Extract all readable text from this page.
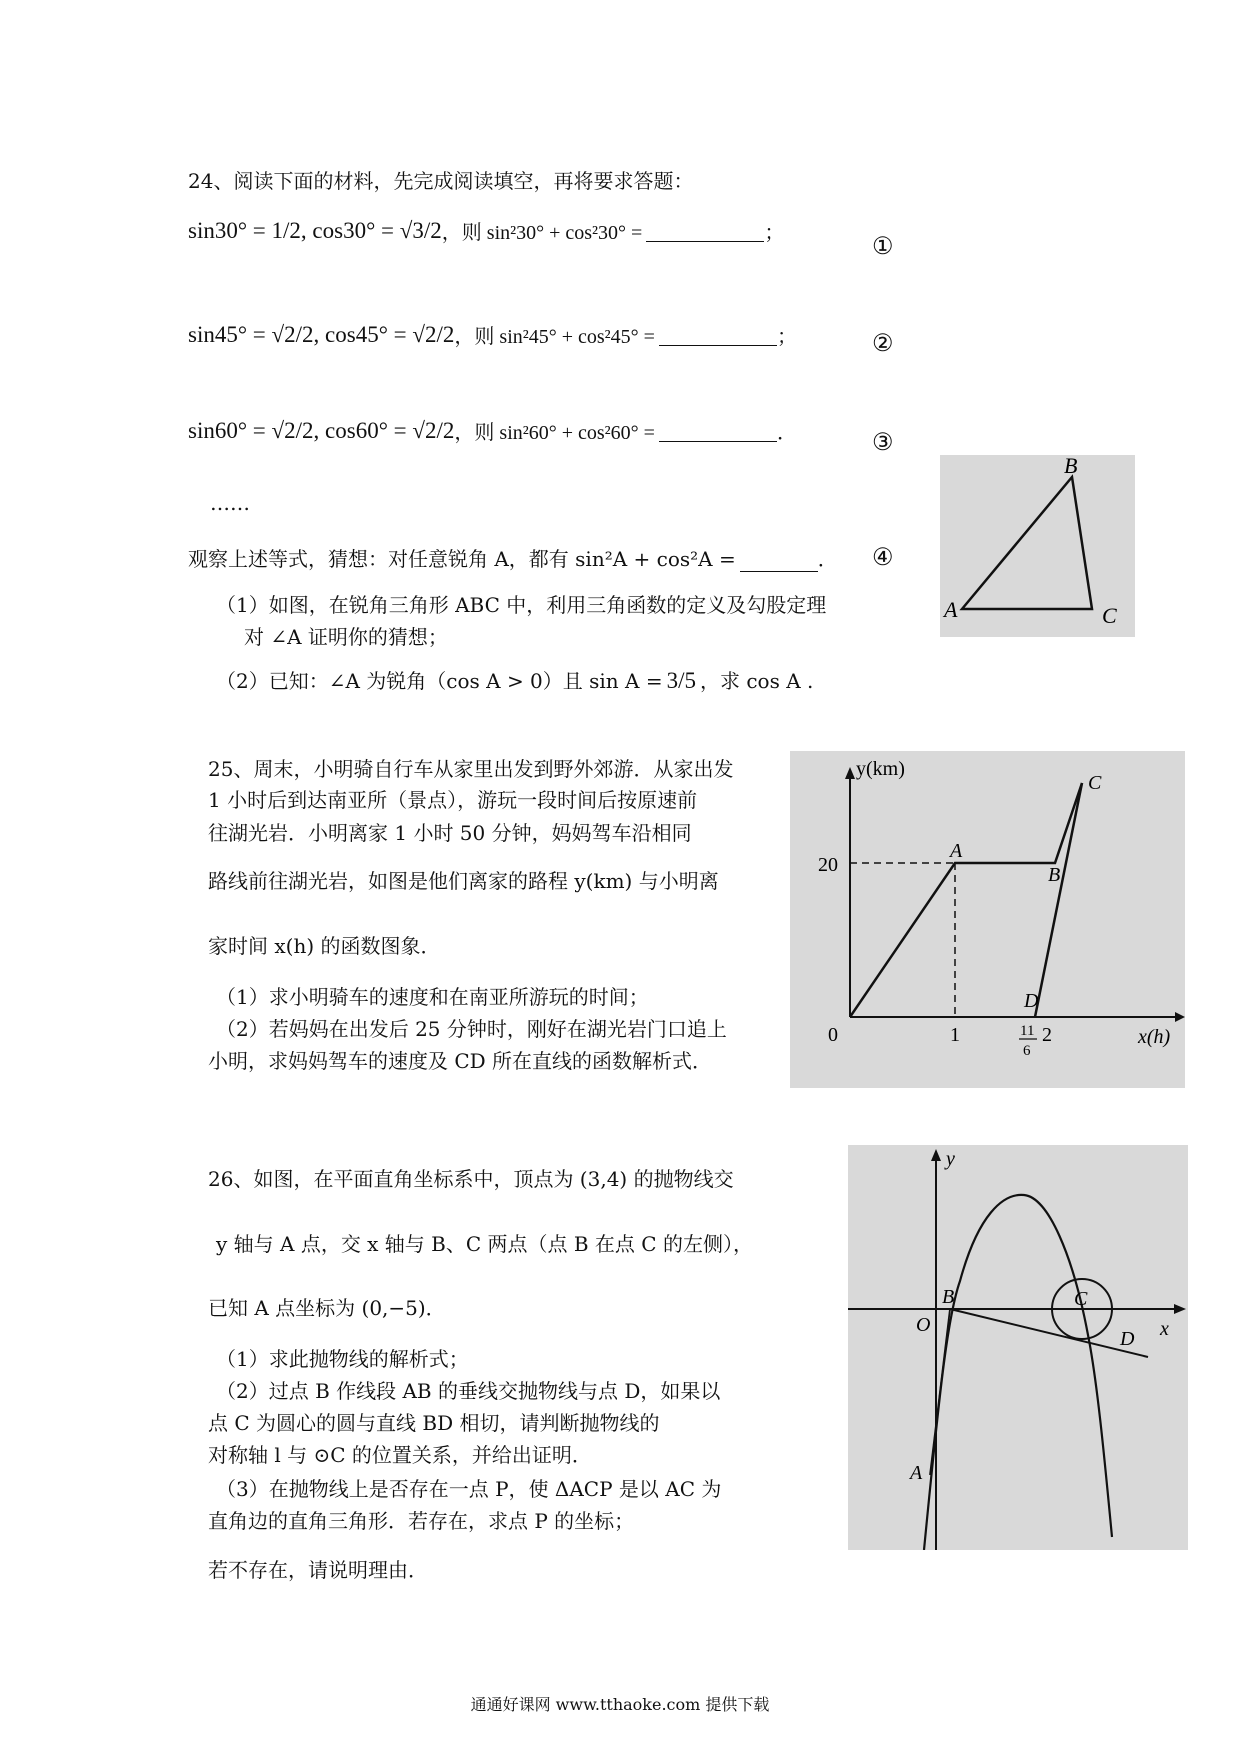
24、阅读下面的材料，先完成阅读填空，再将要求答题：
sin30° = 1/2 , cos30° = √3/2 ，则 sin²30° + cos²30° =	；	①
sin45° = √2/2 , cos45° = √2/2 ，则 sin²45° + cos²45° =	；	②
sin60° = √2/2 , cos60° = √2/2 ，则 sin²60° + cos²60° =	．	③
……
观察上述等式，猜想：对任意锐角 A，都有 sin²A + cos²A =	． ④
（1）如图，在锐角三角形 ABC 中，利用三角函数的定义及勾股定理
对 ∠A 证明你的猜想；
（2）已知：∠A 为锐角（cos A > 0）且 sin A = 3/5 ，求 cos A .
A
B
C
25、周末，小明骑自行车从家里出发到野外郊游．从家出发
1 小时后到达南亚所（景点），游玩一段时间后按原速前
往湖光岩．小明离家 1 小时 50 分钟，妈妈驾车沿相同
路线前往湖光岩，如图是他们离家的路程 y(km) 与小明离
家时间 x(h) 的函数图象．
（1）求小明骑车的速度和在南亚所游玩的时间；
（2）若妈妈在出发后 25 分钟时，刚好在湖光岩门口追上
小明，求妈妈驾车的速度及 CD 所在直线的函数解析式．
y(km)
x(h)
0
20
1	11
6
2
A
B
C
D
26、如图，在平面直角坐标系中，顶点为 (3,4) 的抛物线交
y 轴与 A 点，交 x 轴与 B、C 两点（点 B 在点 C 的左侧），
已知 A 点坐标为 (0,−5)．
（1）求此抛物线的解析式；
（2）过点 B 作线段 AB 的垂线交抛物线与点 D，如果以
点 C 为圆心的圆与直线 BD 相切，请判断抛物线的
对称轴 l 与 ⊙C 的位置关系，并给出证明．
（3）在抛物线上是否存在一点 P，使 ΔACP 是以 AC 为
直角边的直角三角形．若存在，求点 P 的坐标；
若不存在，请说明理由．
y
x
O
B	C
D
A
通通好课网 www.tthaoke.com 提供下载
